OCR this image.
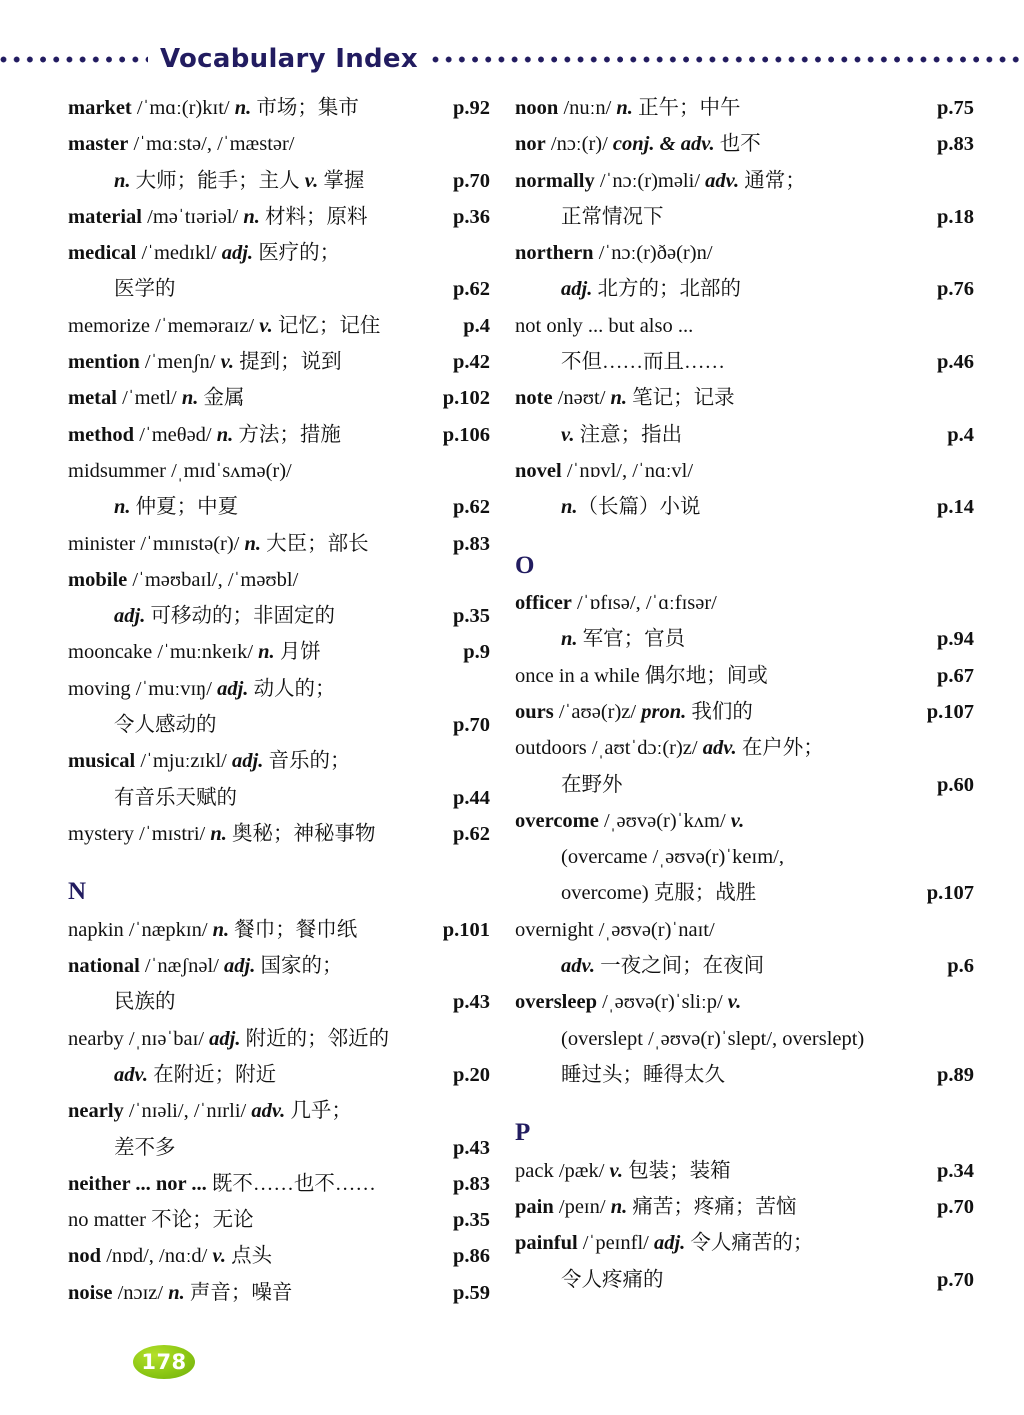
Vocabulary Index
market /ˈmɑː(r)kɪt/ n. 市场；集市	p.92
master /ˈmɑːstə/, /ˈmæstər/
n. 大师；能手；主人 v. 掌握	p.70
material /məˈtɪəriəl/ n. 材料；原料	p.36
medical /ˈmedɪkl/ adj. 医疗的；
医学的	p.62
memorize /ˈmeməraɪz/ v. 记忆；记住	p.4
mention /ˈmenʃn/ v. 提到；说到	p.42
metal /ˈmetl/ n. 金属	p.102
method /ˈmeθəd/ n. 方法；措施	p.106
midsummer /ˌmɪdˈsʌmə(r)/
n. 仲夏；中夏	p.62
minister /ˈmɪnɪstə(r)/ n. 大臣；部长	p.83
mobile /ˈməʊbaɪl/, /ˈməʊbl/
adj. 可移动的；非固定的	p.35
mooncake /ˈmuːnkeɪk/ n. 月饼	p.9
moving /ˈmuːvɪŋ/ adj. 动人的；
令人感动的	p.70
musical /ˈmjuːzɪkl/ adj. 音乐的；
有音乐天赋的	p.44
mystery /ˈmɪstri/ n. 奥秘；神秘事物	p.62
N
napkin /ˈnæpkɪn/ n. 餐巾；餐巾纸	p.101
national /ˈnæʃnəl/ adj. 国家的；
民族的	p.43
nearby /ˌnɪəˈbaɪ/ adj. 附近的；邻近的
adv. 在附近；附近	p.20
nearly /ˈnɪəli/, /ˈnɪrli/ adv. 几乎；
差不多	p.43
neither ... nor ... 既不……也不……	p.83
no matter 不论；无论	p.35
nod /nɒd/, /nɑːd/ v. 点头	p.86
noise /nɔɪz/ n. 声音；噪音	p.59
noon /nuːn/ n. 正午；中午	p.75
nor /nɔː(r)/ conj. & adv. 也不	p.83
normally /ˈnɔː(r)məli/ adv. 通常；
正常情况下	p.18
northern /ˈnɔː(r)ðə(r)n/
adj. 北方的；北部的	p.76
not only ... but also ...
不但……而且……	p.46
note /nəʊt/ n. 笔记；记录
v. 注意；指出	p.4
novel /ˈnɒvl/, /ˈnɑːvl/
n.（长篇）小说	p.14
O
officer /ˈɒfɪsə/, /ˈɑːfɪsər/
n. 军官；官员	p.94
once in a while 偶尔地；间或	p.67
ours /ˈaʊə(r)z/ pron. 我们的	p.107
outdoors /ˌaʊtˈdɔː(r)z/ adv. 在户外；
在野外	p.60
overcome /ˌəʊvə(r)ˈkʌm/ v.
(overcame /ˌəʊvə(r)ˈkeɪm/,
overcome) 克服；战胜	p.107
overnight /ˌəʊvə(r)ˈnaɪt/
adv. 一夜之间；在夜间	p.6
oversleep /ˌəʊvə(r)ˈsliːp/ v.
(overslept /ˌəʊvə(r)ˈslept/, overslept)
睡过头；睡得太久	p.89
P
pack /pæk/ v. 包装；装箱	p.34
pain /peɪn/ n. 痛苦；疼痛；苦恼	p.70
painful /ˈpeɪnfl/ adj. 令人痛苦的；
令人疼痛的	p.70
178
